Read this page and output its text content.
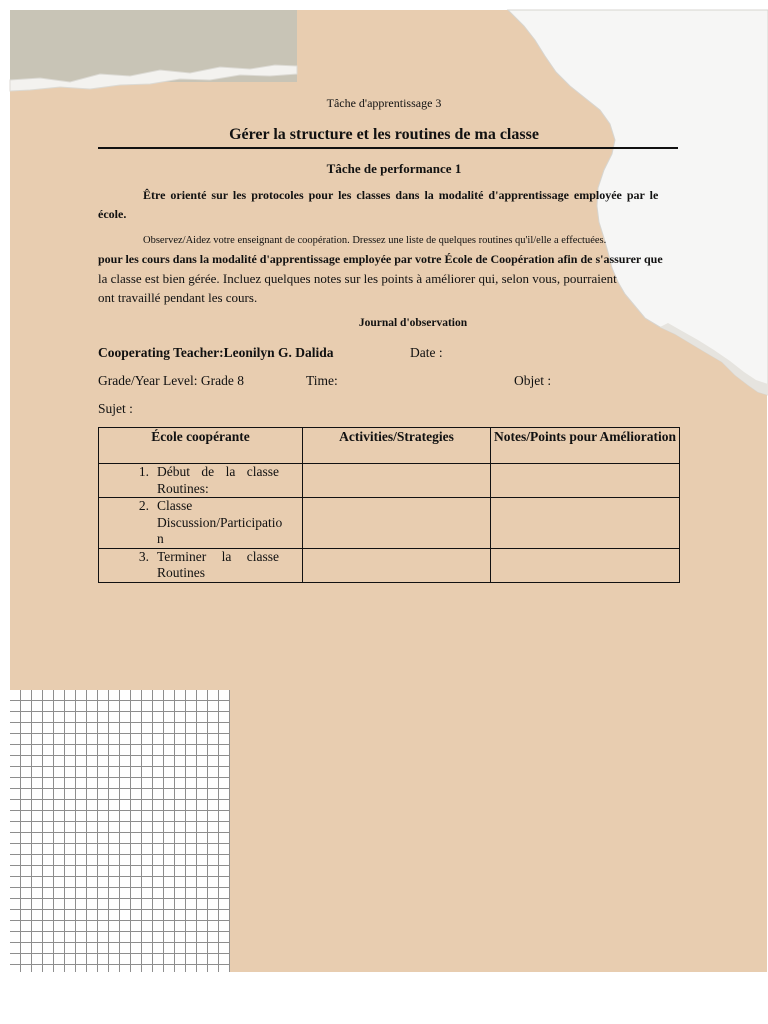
Tâche d'apprentissage 3
Gérer la structure et les routines de ma classe
Tâche de performance 1
Être orienté sur les protocoles pour les classes dans la modalité d'apprentissage employée par le
école.
Observez/Aidez votre enseignant de coopération. Dressez une liste de quelques routines qu'il/elle a effectuées.
pour les cours dans la modalité d'apprentissage employée par votre École de Coopération afin de s'assurer que
la classe est bien gérée. Incluez quelques notes sur les points à améliorer qui, selon vous, pourraient
ont travaillé pendant les cours.
Journal d'observation
Cooperating Teacher:Leonilyn G. Dalida	Date :
Grade/Year Level: Grade 8	Time:	Objet :
Sujet :
École coopérante	Activities/Strategies	Notes/Points pour Amélioration

1. Début de la classe
Routines:		

2. Classe
Discussion/Participatio
n		

3. Terminer la classe
Routines		
